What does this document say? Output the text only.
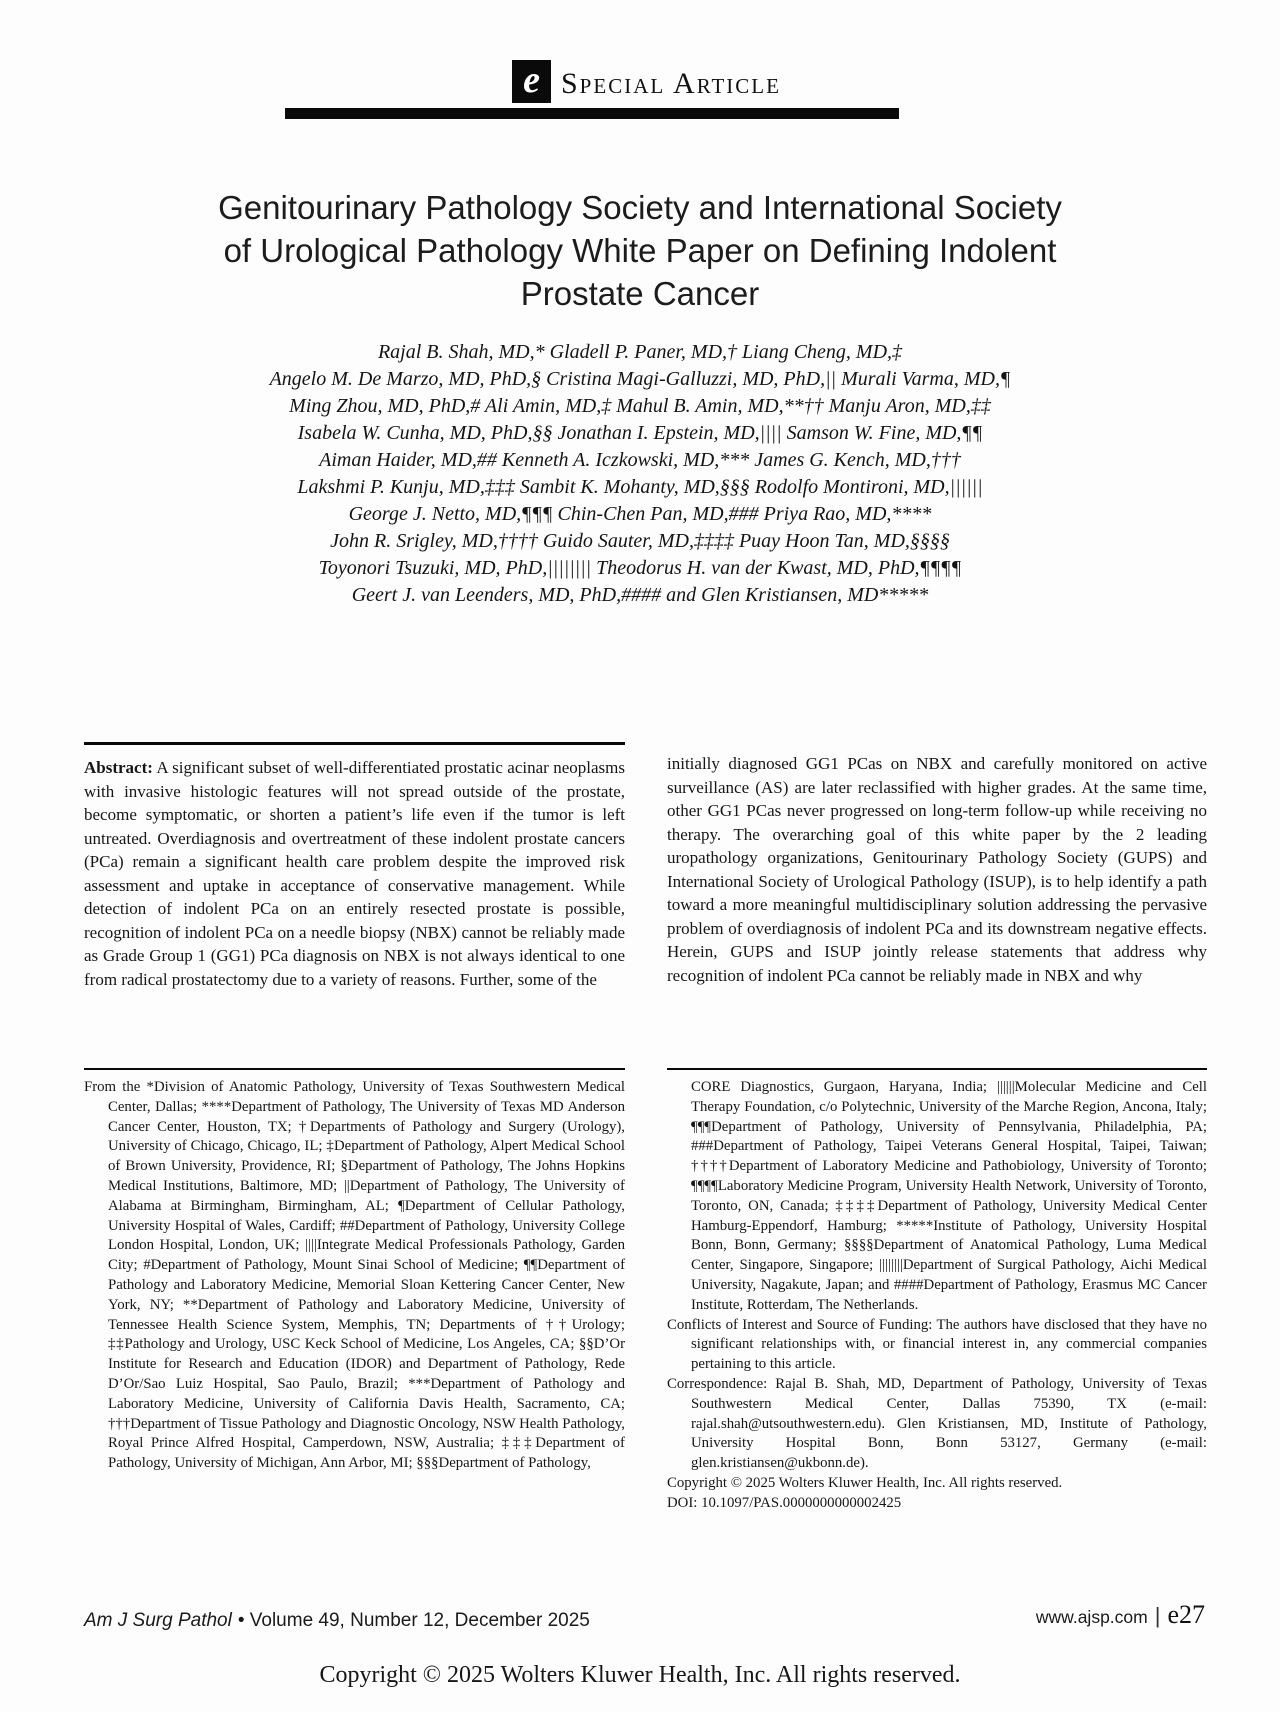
e Special Article
Genitourinary Pathology Society and International Society
of Urological Pathology White Paper on Defining Indolent
Prostate Cancer
Rajal B. Shah, MD,* Gladell P. Paner, MD,† Liang Cheng, MD,‡
Angelo M. De Marzo, MD, PhD,§ Cristina Magi-Galluzzi, MD, PhD,|| Murali Varma, MD,¶
Ming Zhou, MD, PhD,# Ali Amin, MD,‡ Mahul B. Amin, MD,**†† Manju Aron, MD,‡‡
Isabela W. Cunha, MD, PhD,§§ Jonathan I. Epstein, MD,|||| Samson W. Fine, MD,¶¶
Aiman Haider, MD,## Kenneth A. Iczkowski, MD,*** James G. Kench, MD,†††
Lakshmi P. Kunju, MD,‡‡‡ Sambit K. Mohanty, MD,§§§ Rodolfo Montironi, MD,||||||
George J. Netto, MD,¶¶¶ Chin-Chen Pan, MD,### Priya Rao, MD,****
John R. Srigley, MD,†††† Guido Sauter, MD,‡‡‡‡ Puay Hoon Tan, MD,§§§§
Toyonori Tsuzuki, MD, PhD,|||||||| Theodorus H. van der Kwast, MD, PhD,¶¶¶¶
Geert J. van Leenders, MD, PhD,#### and Glen Kristiansen, MD*****

Abstract: A significant subset of well-differentiated prostatic acinar neoplasms with invasive histologic features will not spread outside of the prostate, become symptomatic, or shorten a patient’s life even if the tumor is left untreated. Overdiagnosis and overtreatment of these indolent prostate cancers (PCa) remain a significant health care problem despite the improved risk assessment and uptake in acceptance of conservative management. While detection of indolent PCa on an entirely resected prostate is possible, recognition of indolent PCa on a needle biopsy (NBX) cannot be reliably made as Grade Group 1 (GG1) PCa diagnosis on NBX is not always identical to one from radical prostatectomy due to a variety of reasons. Further, some of the

initially diagnosed GG1 PCas on NBX and carefully monitored on active surveillance (AS) are later reclassified with higher grades. At the same time, other GG1 PCas never progressed on long-term follow-up while receiving no therapy. The overarching goal of this white paper by the 2 leading uropathology organizations, Genitourinary Pathology Society (GUPS) and International Society of Urological Pathology (ISUP), is to help identify a path toward a more meaningful multidisciplinary solution addressing the pervasive problem of overdiagnosis of indolent PCa and its downstream negative effects. Herein, GUPS and ISUP jointly release statements that address why recognition of indolent PCa cannot be reliably made in NBX and why

From the *Division of Anatomic Pathology, University of Texas Southwestern Medical Center, Dallas; ****Department of Pathology, The University of Texas MD Anderson Cancer Center, Houston, TX; †Departments of Pathology and Surgery (Urology), University of Chicago, Chicago, IL; ‡Department of Pathology, Alpert Medical School of Brown University, Providence, RI; §Department of Pathology, The Johns Hopkins Medical Institutions, Baltimore, MD; ||Department of Pathology, The University of Alabama at Birmingham, Birmingham, AL; ¶Department of Cellular Pathology, University Hospital of Wales, Cardiff; ##Department of Pathology, University College London Hospital, London, UK; ||||Integrate Medical Professionals Pathology, Garden City; #Department of Pathology, Mount Sinai School of Medicine; ¶¶Department of Pathology and Laboratory Medicine, Memorial Sloan Kettering Cancer Center, New York, NY; **Department of Pathology and Laboratory Medicine, University of Tennessee Health Science System, Memphis, TN; Departments of ††Urology; ‡‡Pathology and Urology, USC Keck School of Medicine, Los Angeles, CA; §§D’Or Institute for Research and Education (IDOR) and Department of Pathology, Rede D’Or/Sao Luiz Hospital, Sao Paulo, Brazil; ***Department of Pathology and Laboratory Medicine, University of California Davis Health, Sacramento, CA; †††Department of Tissue Pathology and Diagnostic Oncology, NSW Health Pathology, Royal Prince Alfred Hospital, Camperdown, NSW, Australia; ‡‡‡Department of Pathology, University of Michigan, Ann Arbor, MI; §§§Department of Pathology,

CORE Diagnostics, Gurgaon, Haryana, India; ||||||Molecular Medicine and Cell Therapy Foundation, c/o Polytechnic, University of the Marche Region, Ancona, Italy; ¶¶¶Department of Pathology, University of Pennsylvania, Philadelphia, PA; ###Department of Pathology, Taipei Veterans General Hospital, Taipei, Taiwan; ††††Department of Laboratory Medicine and Pathobiology, University of Toronto; ¶¶¶¶Laboratory Medicine Program, University Health Network, University of Toronto, Toronto, ON, Canada; ‡‡‡‡Department of Pathology, University Medical Center Hamburg-Eppendorf, Hamburg; *****Institute of Pathology, University Hospital Bonn, Bonn, Germany; §§§§Department of Anatomical Pathology, Luma Medical Center, Singapore, Singapore; ||||||||Department of Surgical Pathology, Aichi Medical University, Nagakute, Japan; and ####Department of Pathology, Erasmus MC Cancer Institute, Rotterdam, The Netherlands.

Conflicts of Interest and Source of Funding: The authors have disclosed that they have no significant relationships with, or financial interest in, any commercial companies pertaining to this article.

Correspondence: Rajal B. Shah, MD, Department of Pathology, University of Texas Southwestern Medical Center, Dallas 75390, TX (e-mail: rajal.shah@utsouthwestern.edu). Glen Kristiansen, MD, Institute of Pathology, University Hospital Bonn, Bonn 53127, Germany (e-mail: glen.kristiansen@ukbonn.de).

Copyright © 2025 Wolters Kluwer Health, Inc. All rights reserved.

DOI: 10.1097/PAS.0000000000002425

Am J Surg Pathol • Volume 49, Number 12, December 2025	www.ajsp.com | e27
Copyright © 2025 Wolters Kluwer Health, Inc. All rights reserved.
